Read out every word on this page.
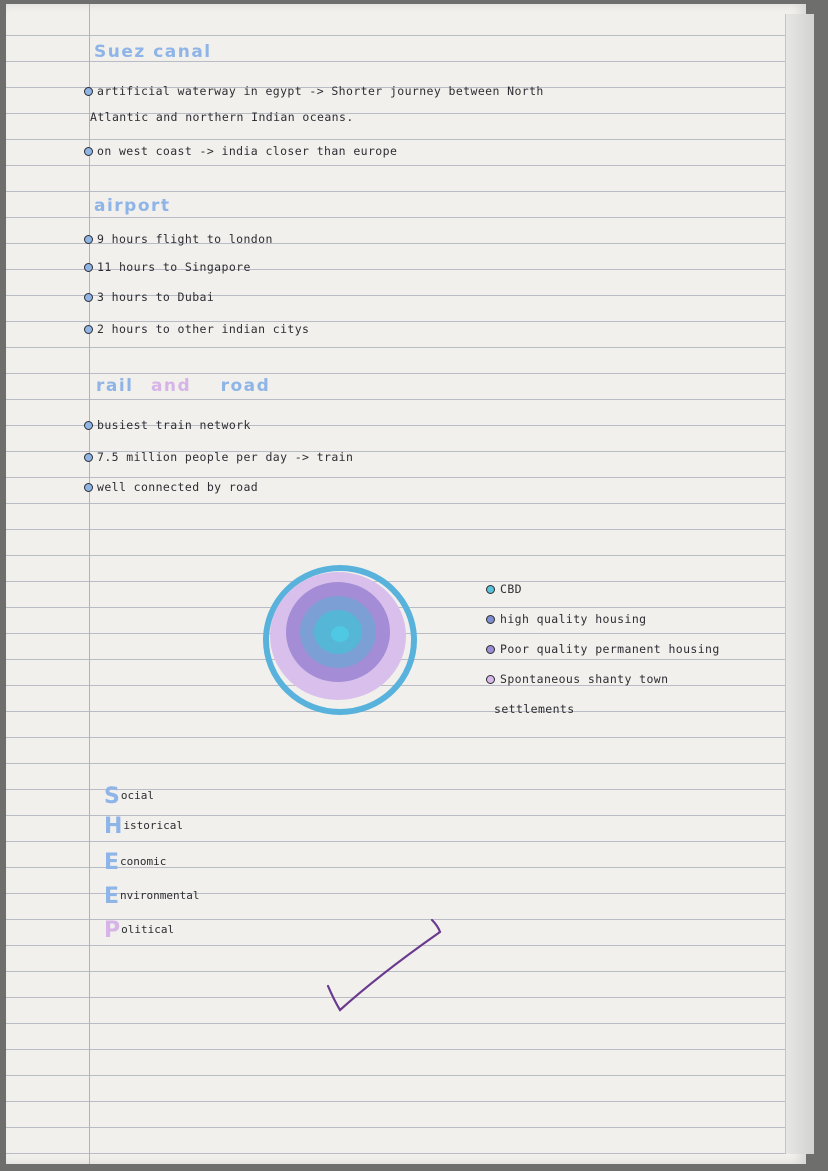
Suez canal
artificial waterway in egypt -> Shorter journey between North
Atlantic and northern Indian oceans.
on west coast -> india closer than europe
airport
9 hours flight to london
11 hours to Singapore
3 hours to Dubai
2 hours to other indian citys
rail and road
busiest train network
7.5 million people per day -> train
well connected by road
CBD
high quality housing
Poor quality permanent housing
Spontaneous shanty town
settlements
Social
Historical
Economic
Environmental
Political
